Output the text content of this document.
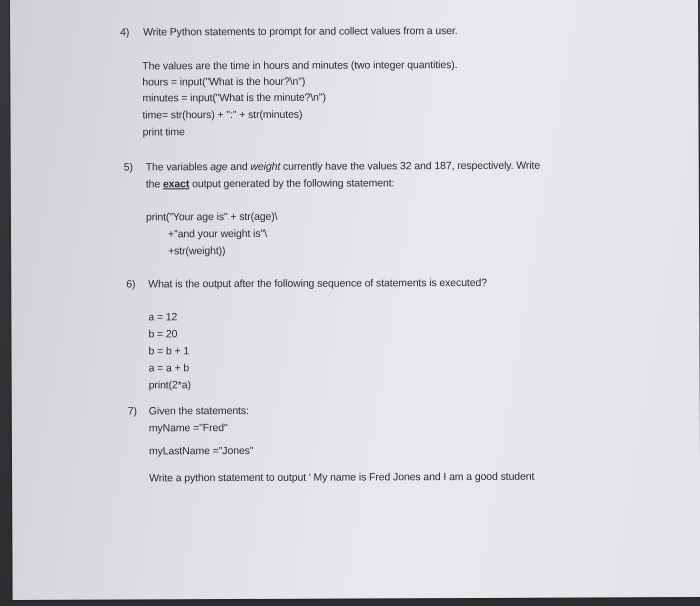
4) Write Python statements to prompt for and collect values from a user.
The values are the time in hours and minutes (two integer quantities).
hours = input("What is the hour?\n")
minutes = input("What is the minute?\n")
time= str(hours) + ":" + str(minutes)
print time
5) The variables age and weight currently have the values 32 and 187, respectively. Write
the exact output generated by the following statement:
print("Your age is" + str(age)\
+"and your weight is"\
+str(weight))
6) What is the output after the following sequence of statements is executed?
a = 12
b = 20
b = b + 1
a = a + b
print(2*a)
7) Given the statements:
myName ="Fred"
myLastName ="Jones"
Write a python statement to output ' My name is Fred Jones and I am a good student
